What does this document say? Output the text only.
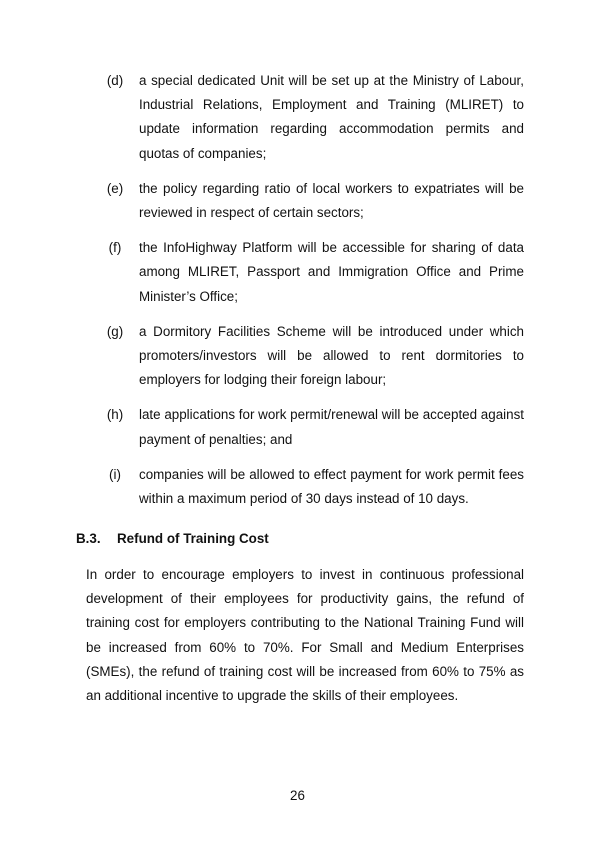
(d) a special dedicated Unit will be set up at the Ministry of Labour, Industrial Relations, Employment and Training (MLIRET) to update information regarding accommodation permits and quotas of companies;
(e) the policy regarding ratio of local workers to expatriates will be reviewed in respect of certain sectors;
(f)	the InfoHighway Platform will be accessible for sharing of data among MLIRET, Passport and Immigration Office and Prime Minister’s Office;
(g) a Dormitory Facilities Scheme will be introduced under which promoters/investors will be allowed to rent dormitories to employers for lodging their foreign labour;
(h) late applications for work permit/renewal will be accepted against payment of penalties; and
(i)	companies will be allowed to effect payment for work permit fees within a maximum period of 30 days instead of 10 days.
B.3. Refund of Training Cost
In order to encourage employers to invest in continuous professional development of their employees for productivity gains, the refund of training cost for employers contributing to the National Training Fund will be increased from 60% to 70%. For Small and Medium Enterprises (SMEs), the refund of training cost will be increased from 60% to 75% as an additional incentive to upgrade the skills of their employees.
26
